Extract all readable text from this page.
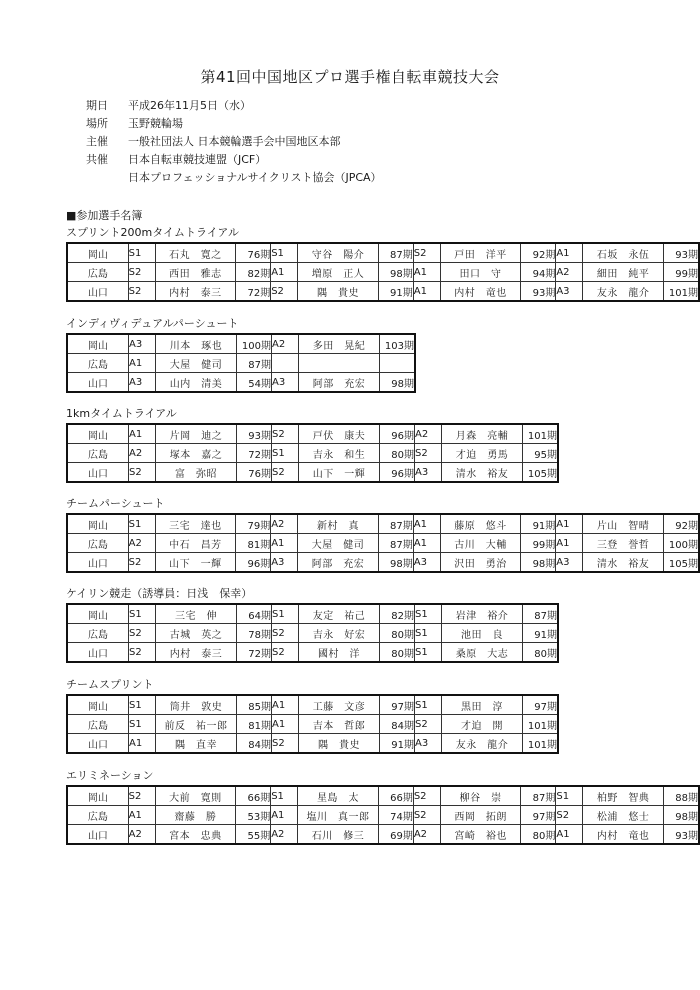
第41回中国地区プロ選手権自転車競技大会
期日	平成26年11月5日（水）
場所	玉野競輪場
主催	一般社団法人 日本競輪選手会中国地区本部
共催	日本自転車競技連盟（JCF）
日本プロフェッショナルサイクリスト協会（JPCA）
■参加選手名簿
スプリント200mタイムトライアル
岡山	S1	石丸　寛之	76期	S1	守谷　陽介	87期	S2	戸田　洋平	92期	A1	石坂　永伍	93期
広島	S2	西田　雅志	82期	A1	増原　正人	98期	A1	田口　守	94期	A2	細田　純平	99期
山口	S2	内村　泰三	72期	S2	隅　貴史	91期	A1	内村　竜也	93期	A3	友永　龍介	101期
インディヴィデュアルパーシュート
岡山	A3	川本　琢也	100期	A2	多田　晃紀	103期
広島	A1	大屋　健司	87期			
山口	A3	山内　清美	54期	A3	阿部　充宏	98期
1kmタイムトライアル
岡山	A1	片岡　迪之	93期	S2	戸伏　康夫	96期	A2	月森　亮輔	101期
広島	A2	塚本　嘉之	72期	S1	吉永　和生	80期	S2	才迫　勇馬	95期
山口	S2	富　弥昭	76期	S2	山下　一輝	96期	A3	清水　裕友	105期
チームパーシュート
岡山	S1	三宅　達也	79期	A2	新村　真	87期	A1	藤原　悠斗	91期	A1	片山　智晴	92期
広島	A2	中石　昌芳	81期	A1	大屋　健司	87期	A1	古川　大輔	99期	A1	三登　誉哲	100期
山口	S2	山下　一輝	96期	A3	阿部　充宏	98期	A3	沢田　勇治	98期	A3	清水　裕友	105期
ケイリン競走（誘導員：日浅　保幸）
岡山	S1	三宅　伸	64期	S1	友定　祐己	82期	S1	岩津　裕介	87期
広島	S2	古城　英之	78期	S2	吉永　好宏	80期	S1	池田　良	91期
山口	S2	内村　泰三	72期	S2	國村　洋	80期	S1	桑原　大志	80期
チームスプリント
岡山	S1	筒井　敦史	85期	A1	工藤　文彦	97期	S1	黒田　淳	97期
広島	S1	前反　祐一郎	81期	A1	吉本　哲郎	84期	S2	才迫　開	101期
山口	A1	隅　直幸	84期	S2	隅　貴史	91期	A3	友永　龍介	101期
エリミネーション
岡山	S2	大前　寛則	66期	S1	星島　太	66期	S2	柳谷　崇	87期	S1	柏野　智典	88期
広島	A1	齋藤　勝	53期	A1	塩川　真一郎	74期	S2	西岡　拓朗	97期	S2	松浦　悠士	98期
山口	A2	宮本　忠典	55期	A2	石川　修三	69期	A2	宮崎　裕也	80期	A1	内村　竜也	93期
